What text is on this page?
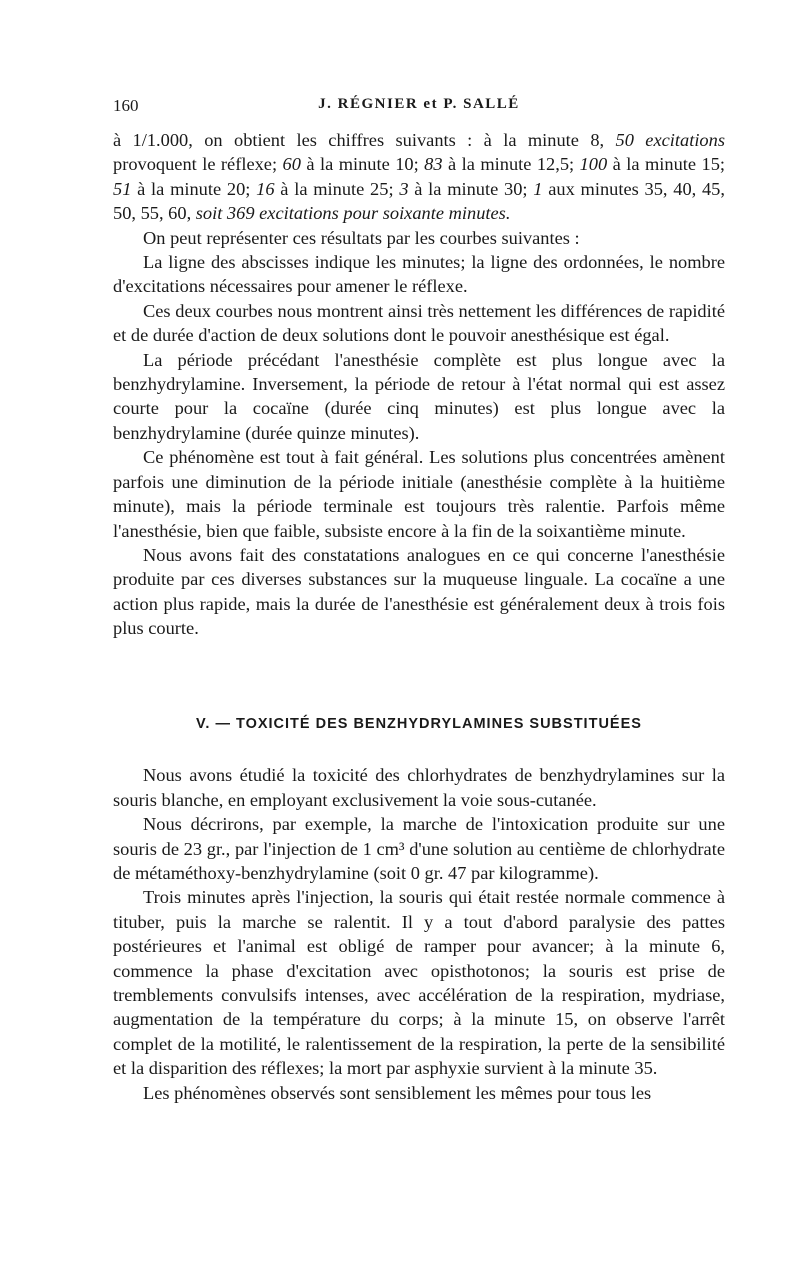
160	J. RÉGNIER et P. SALLÉ

à 1/1.000, on obtient les chiffres suivants : à la minute 8, 50 excitations provoquent le réflexe; 60 à la minute 10; 83 à la minute 12,5; 100 à la minute 15; 51 à la minute 20; 16 à la minute 25; 3 à la minute 30; 1 aux minutes 35, 40, 45, 50, 55, 60, soit 369 excitations pour soixante minutes.

On peut représenter ces résultats par les courbes suivantes :

La ligne des abscisses indique les minutes; la ligne des ordonnées, le nombre d'excitations nécessaires pour amener le réflexe.

Ces deux courbes nous montrent ainsi très nettement les différences de rapidité et de durée d'action de deux solutions dont le pouvoir anesthésique est égal.

La période précédant l'anesthésie complète est plus longue avec la benzhydrylamine. Inversement, la période de retour à l'état normal qui est assez courte pour la cocaïne (durée cinq minutes) est plus longue avec la benzhydrylamine (durée quinze minutes).

Ce phénomène est tout à fait général. Les solutions plus concentrées amènent parfois une diminution de la période initiale (anesthésie complète à la huitième minute), mais la période terminale est toujours très ralentie. Parfois même l'anesthésie, bien que faible, subsiste encore à la fin de la soixantième minute.

Nous avons fait des constatations analogues en ce qui concerne l'anesthésie produite par ces diverses substances sur la muqueuse linguale. La cocaïne a une action plus rapide, mais la durée de l'anesthésie est généralement deux à trois fois plus courte.

V. — TOXICITÉ DES BENZHYDRYLAMINES SUBSTITUÉES

Nous avons étudié la toxicité des chlorhydrates de benzhydrylamines sur la souris blanche, en employant exclusivement la voie sous-cutanée.

Nous décrirons, par exemple, la marche de l'intoxication produite sur une souris de 23 gr., par l'injection de 1 cm³ d'une solution au centième de chlorhydrate de métaméthoxy-benzhydrylamine (soit 0 gr. 47 par kilogramme).

Trois minutes après l'injection, la souris qui était restée normale commence à tituber, puis la marche se ralentit. Il y a tout d'abord paralysie des pattes postérieures et l'animal est obligé de ramper pour avancer; à la minute 6, commence la phase d'excitation avec opisthotonos; la souris est prise de tremblements convulsifs intenses, avec accélération de la respiration, mydriase, augmentation de la température du corps; à la minute 15, on observe l'arrêt complet de la motilité, le ralentissement de la respiration, la perte de la sensibilité et la disparition des réflexes; la mort par asphyxie survient à la minute 35.

Les phénomènes observés sont sensiblement les mêmes pour tous les
